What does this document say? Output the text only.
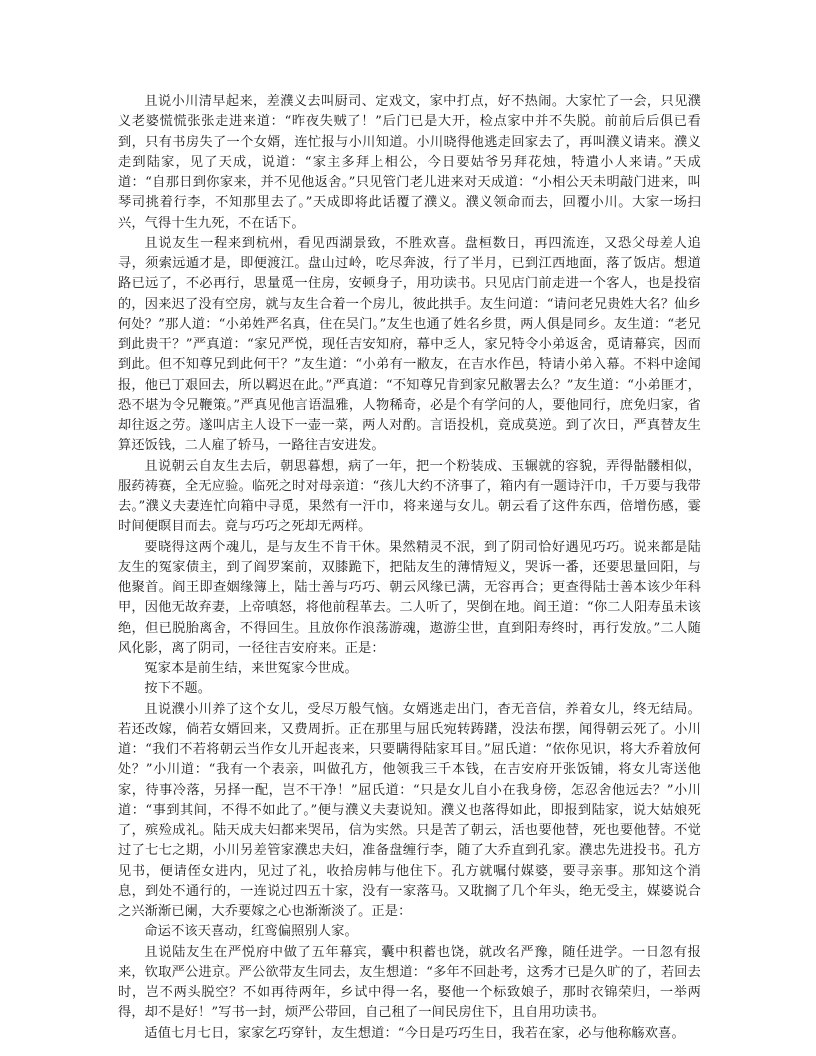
且说小川清早起来，差濮义去叫厨司、定戏文，家中打点，好不热闹。大家忙了一会，只见濮义老婆慌慌张张走进来道：“昨夜失贼了！”后门已是大开，检点家中并不失脱。前前后后俱已看到，只有书房失了一个女婿，连忙报与小川知道。小川晓得他逃走回家去了，再叫濮义请来。濮义走到陆家，见了天成，说道：“家主多拜上相公，今日要姑爷另拜花烛，特遣小人来请。”天成道：“自那日到你家来，并不见他返舍。”只见管门老儿进来对天成道：“小相公天未明敲门进来，叫琴司挑着行李，不知那里去了。”天成即将此话覆了濮义。濮义领命而去，回覆小川。大家一场扫兴，气得十生九死，不在话下。

且说友生一程来到杭州，看见西湖景致，不胜欢喜。盘桓数日，再四流连，又恐父母差人追寻，须索远遁才是，即便渡江。盘山过岭，吃尽奔波，行了半月，已到江西地面，落了饭店。想道路已远了，不必再行，思量觅一住房，安顿身子，用功读书。只见店门前走进一个客人，也是投宿的，因来迟了没有空房，就与友生合着一个房儿，彼此拱手。友生问道：“请问老兄贵姓大名？仙乡何处？”那人道：“小弟姓严名真，住在吴门。”友生也通了姓名乡贯，两人俱是同乡。友生道：“老兄到此贵干？”严真道：“家兄严悦，现任吉安知府，幕中乏人，家兄特令小弟返舍，觅请幕宾，因而到此。但不知尊兄到此何干？”友生道：“小弟有一敝友，在吉水作邑，特请小弟入幕。不料中途闻报，他已丁艰回去，所以羁迟在此。”严真道：“不知尊兄肯到家兄敝署去么？”友生道：“小弟匪才，恐不堪为令兄鞭策。”严真见他言语温雅，人物稀奇，必是个有学问的人，要他同行，庶免归家，省却往返之劳。遂叫店主人设下一壶一菜，两人对酌。言语投机，竟成莫逆。到了次日，严真替友生算还饭钱，二人雇了轿马，一路往吉安进发。

且说朝云自友生去后，朝思暮想，病了一年，把一个粉装成、玉辗就的容貌，弄得骷髅相似，服药祷赛，全无应验。临死之时对母亲道：“孩儿大约不济事了，箱内有一题诗汗巾，千万要与我带去。”濮义夫妻连忙向箱中寻觅，果然有一汗巾，将来递与女儿。朝云看了这件东西，倍增伤感，霎时间便瞑目而去。竟与巧巧之死却无两样。

要晓得这两个魂儿，是与友生不肯干休。果然精灵不泯，到了阴司恰好遇见巧巧。说来都是陆友生的冤家债主，到了阎罗案前，双膝跪下，把陆友生的薄情短义，哭诉一番，还要思量回阳，与他聚首。阎王即查姻缘簿上，陆士善与巧巧、朝云风缘已满，无容再合；更查得陆士善本该少年科甲，因他无故弃妻，上帝嗔怒，将他前程革去。二人听了，哭倒在地。阎王道：“你二人阳寿虽未该绝，但已脱胎离舍，不得回生。且放你作浪荡游魂，遨游尘世，直到阳寿终时，再行发放。”二人随风化影，离了阴司，一径往吉安府来。正是：

冤家本是前生结，来世冤家今世成。

按下不题。

且说濮小川养了这个女儿，受尽万般气恼。女婿逃走出门，杳无音信，养着女儿，终无结局。若还改嫁，倘若女婿回来，又费周折。正在那里与屈氏宛转踌躇，没法布摆，闻得朝云死了。小川道：“我们不若将朝云当作女儿开起丧来，只要瞒得陆家耳目。”屈氏道：“依你见识，将大乔着放何处？”小川道：“我有一个表亲，叫做孔方，他领我三千本钱，在吉安府开张饭铺，将女儿寄送他家，待事冷落，另择一配，岂不干净！”屈氏道：“只是女儿自小在我身傍，怎忍舍他远去？”小川道：“事到其间，不得不如此了。”便与濮义夫妻说知。濮义也落得如此，即报到陆家，说大姑娘死了，殡殓成礼。陆天成夫妇都来哭吊，信为实然。只是苦了朝云，活也要他替，死也要他替。不觉过了七七之期，小川另差管家濮忠夫妇，准备盘缠行李，随了大乔直到孔家。濮忠先进投书。孔方见书，便请侄女进内，见过了礼，收拾房帏与他住下。孔方就嘱付媒婆，要寻亲事。那知这个消息，到处不通行的，一连说过四五十家，没有一家落马。又耽搁了几个年头，绝无受主，媒婆说合之兴渐渐已阑，大乔要嫁之心也渐渐淡了。正是：

命运不该天喜动，红鸾偏照别人家。

且说陆友生在严悦府中做了五年幕宾，囊中积蓄也饶，就改名严豫，随任进学。一日忽有报来，钦取严公进京。严公欲带友生同去，友生想道：“多年不回赴考，这秀才已是久旷的了，若回去时，岂不两头脱空？不如再待两年，乡试中得一名，娶他一个标致娘子，那时衣锦荣归，一举两得，却不是好！”写书一封，烦严公带回，自己租了一间民房住下，且自用功读书。

适值七月七日，家家乞巧穿针，友生想道：“今日是巧巧生日，我若在家，必与他称觞欢喜。
